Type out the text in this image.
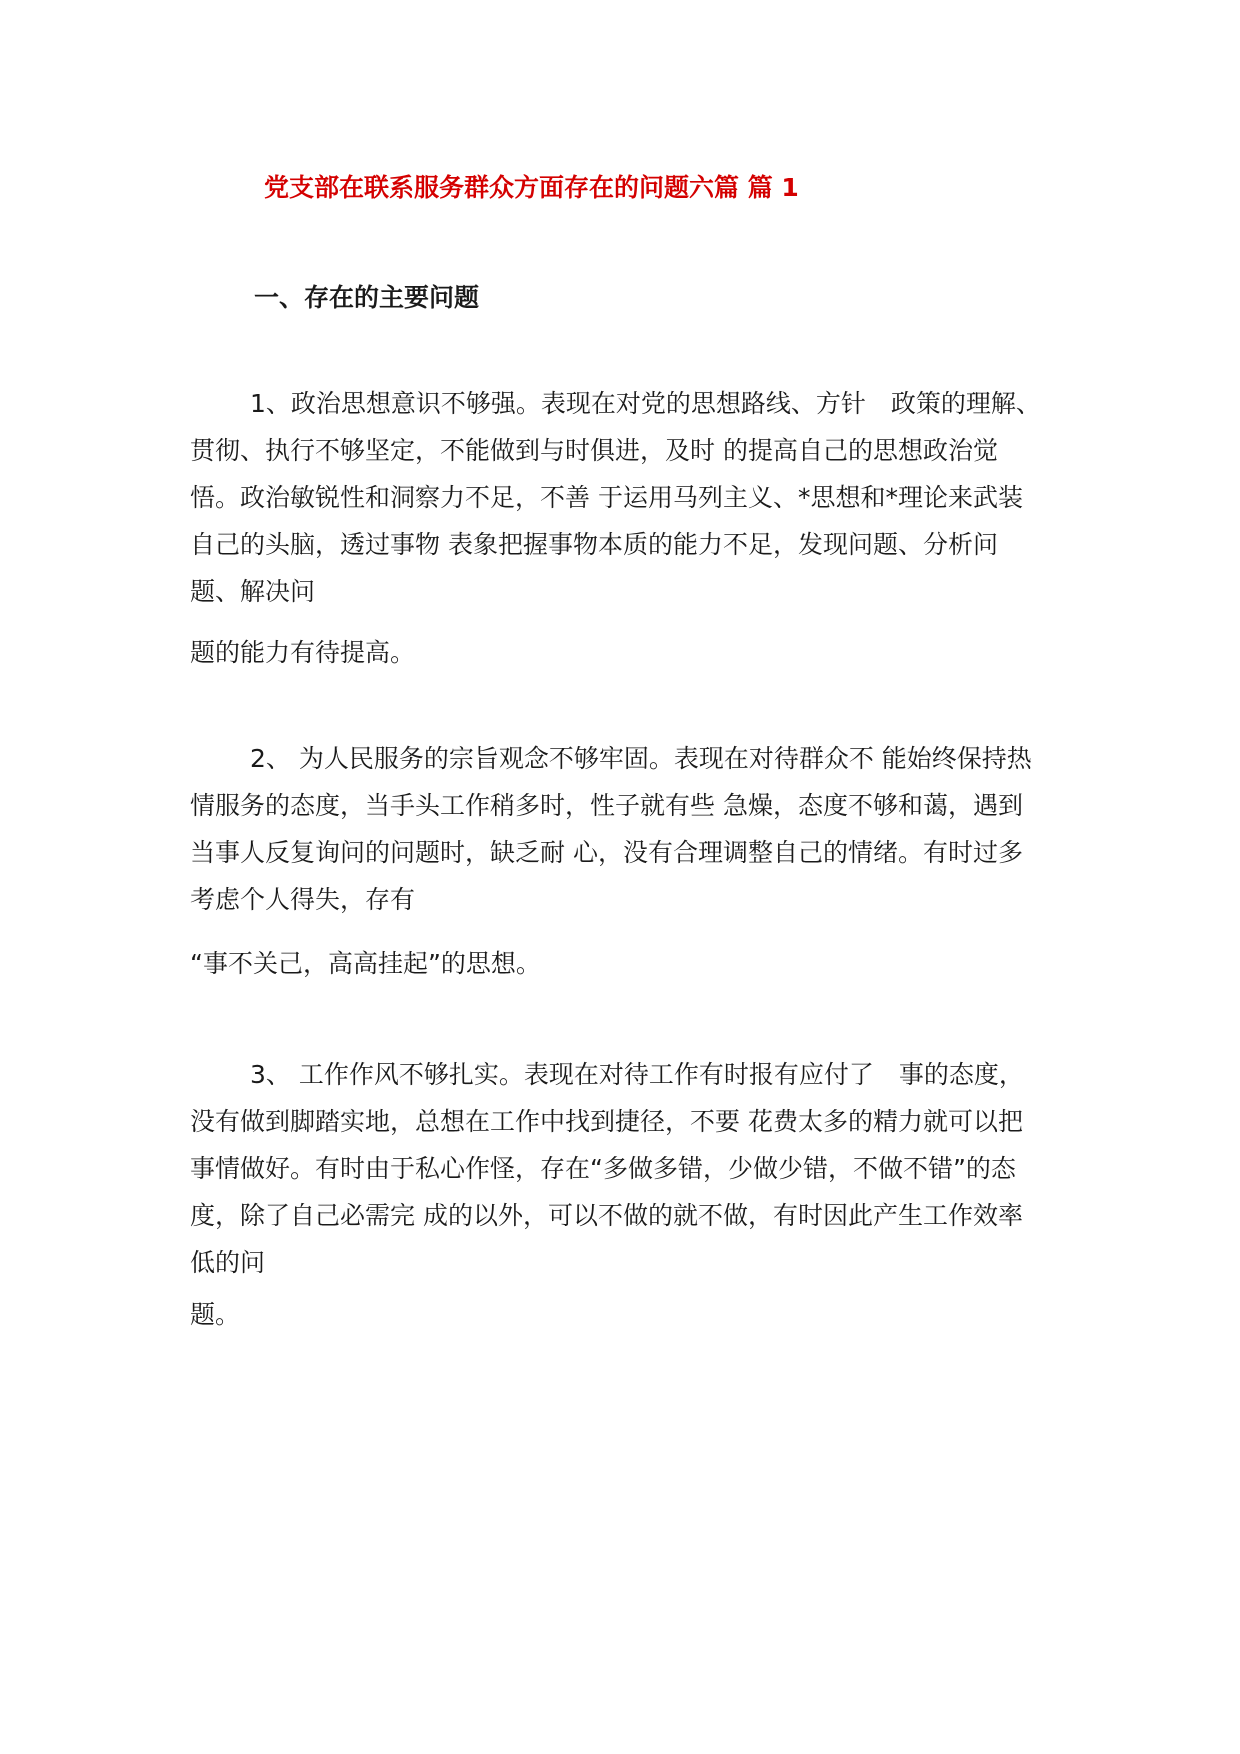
党支部在联系服务群众方面存在的问题六篇 篇 1
一、存在的主要问题
1、政治思想意识不够强。表现在对党的思想路线、方针　政策的理解、
贯彻、执行不够坚定，不能做到与时俱进，及时 的提高自己的思想政治觉
悟。政治敏锐性和洞察力不足，不善 于运用马列主义、*思想和*理论来武装
自己的头脑，透过事物 表象把握事物本质的能力不足，发现问题、分析问
题、解决问
题的能力有待提高。
2、 为人民服务的宗旨观念不够牢固。表现在对待群众不 能始终保持热
情服务的态度，当手头工作稍多时，性子就有些 急燥，态度不够和蔼，遇到
当事人反复询问的问题时，缺乏耐 心，没有合理调整自己的情绪。有时过多
考虑个人得失，存有
“事不关己，高高挂起”的思想。
3、 工作作风不够扎实。表现在对待工作有时报有应付了　事的态度，
没有做到脚踏实地，总想在工作中找到捷径，不要 花费太多的精力就可以把
事情做好。有时由于私心作怪，存在“多做多错，少做少错，不做不错”的态
度，除了自己必需完 成的以外，可以不做的就不做，有时因此产生工作效率
低的问
题。
